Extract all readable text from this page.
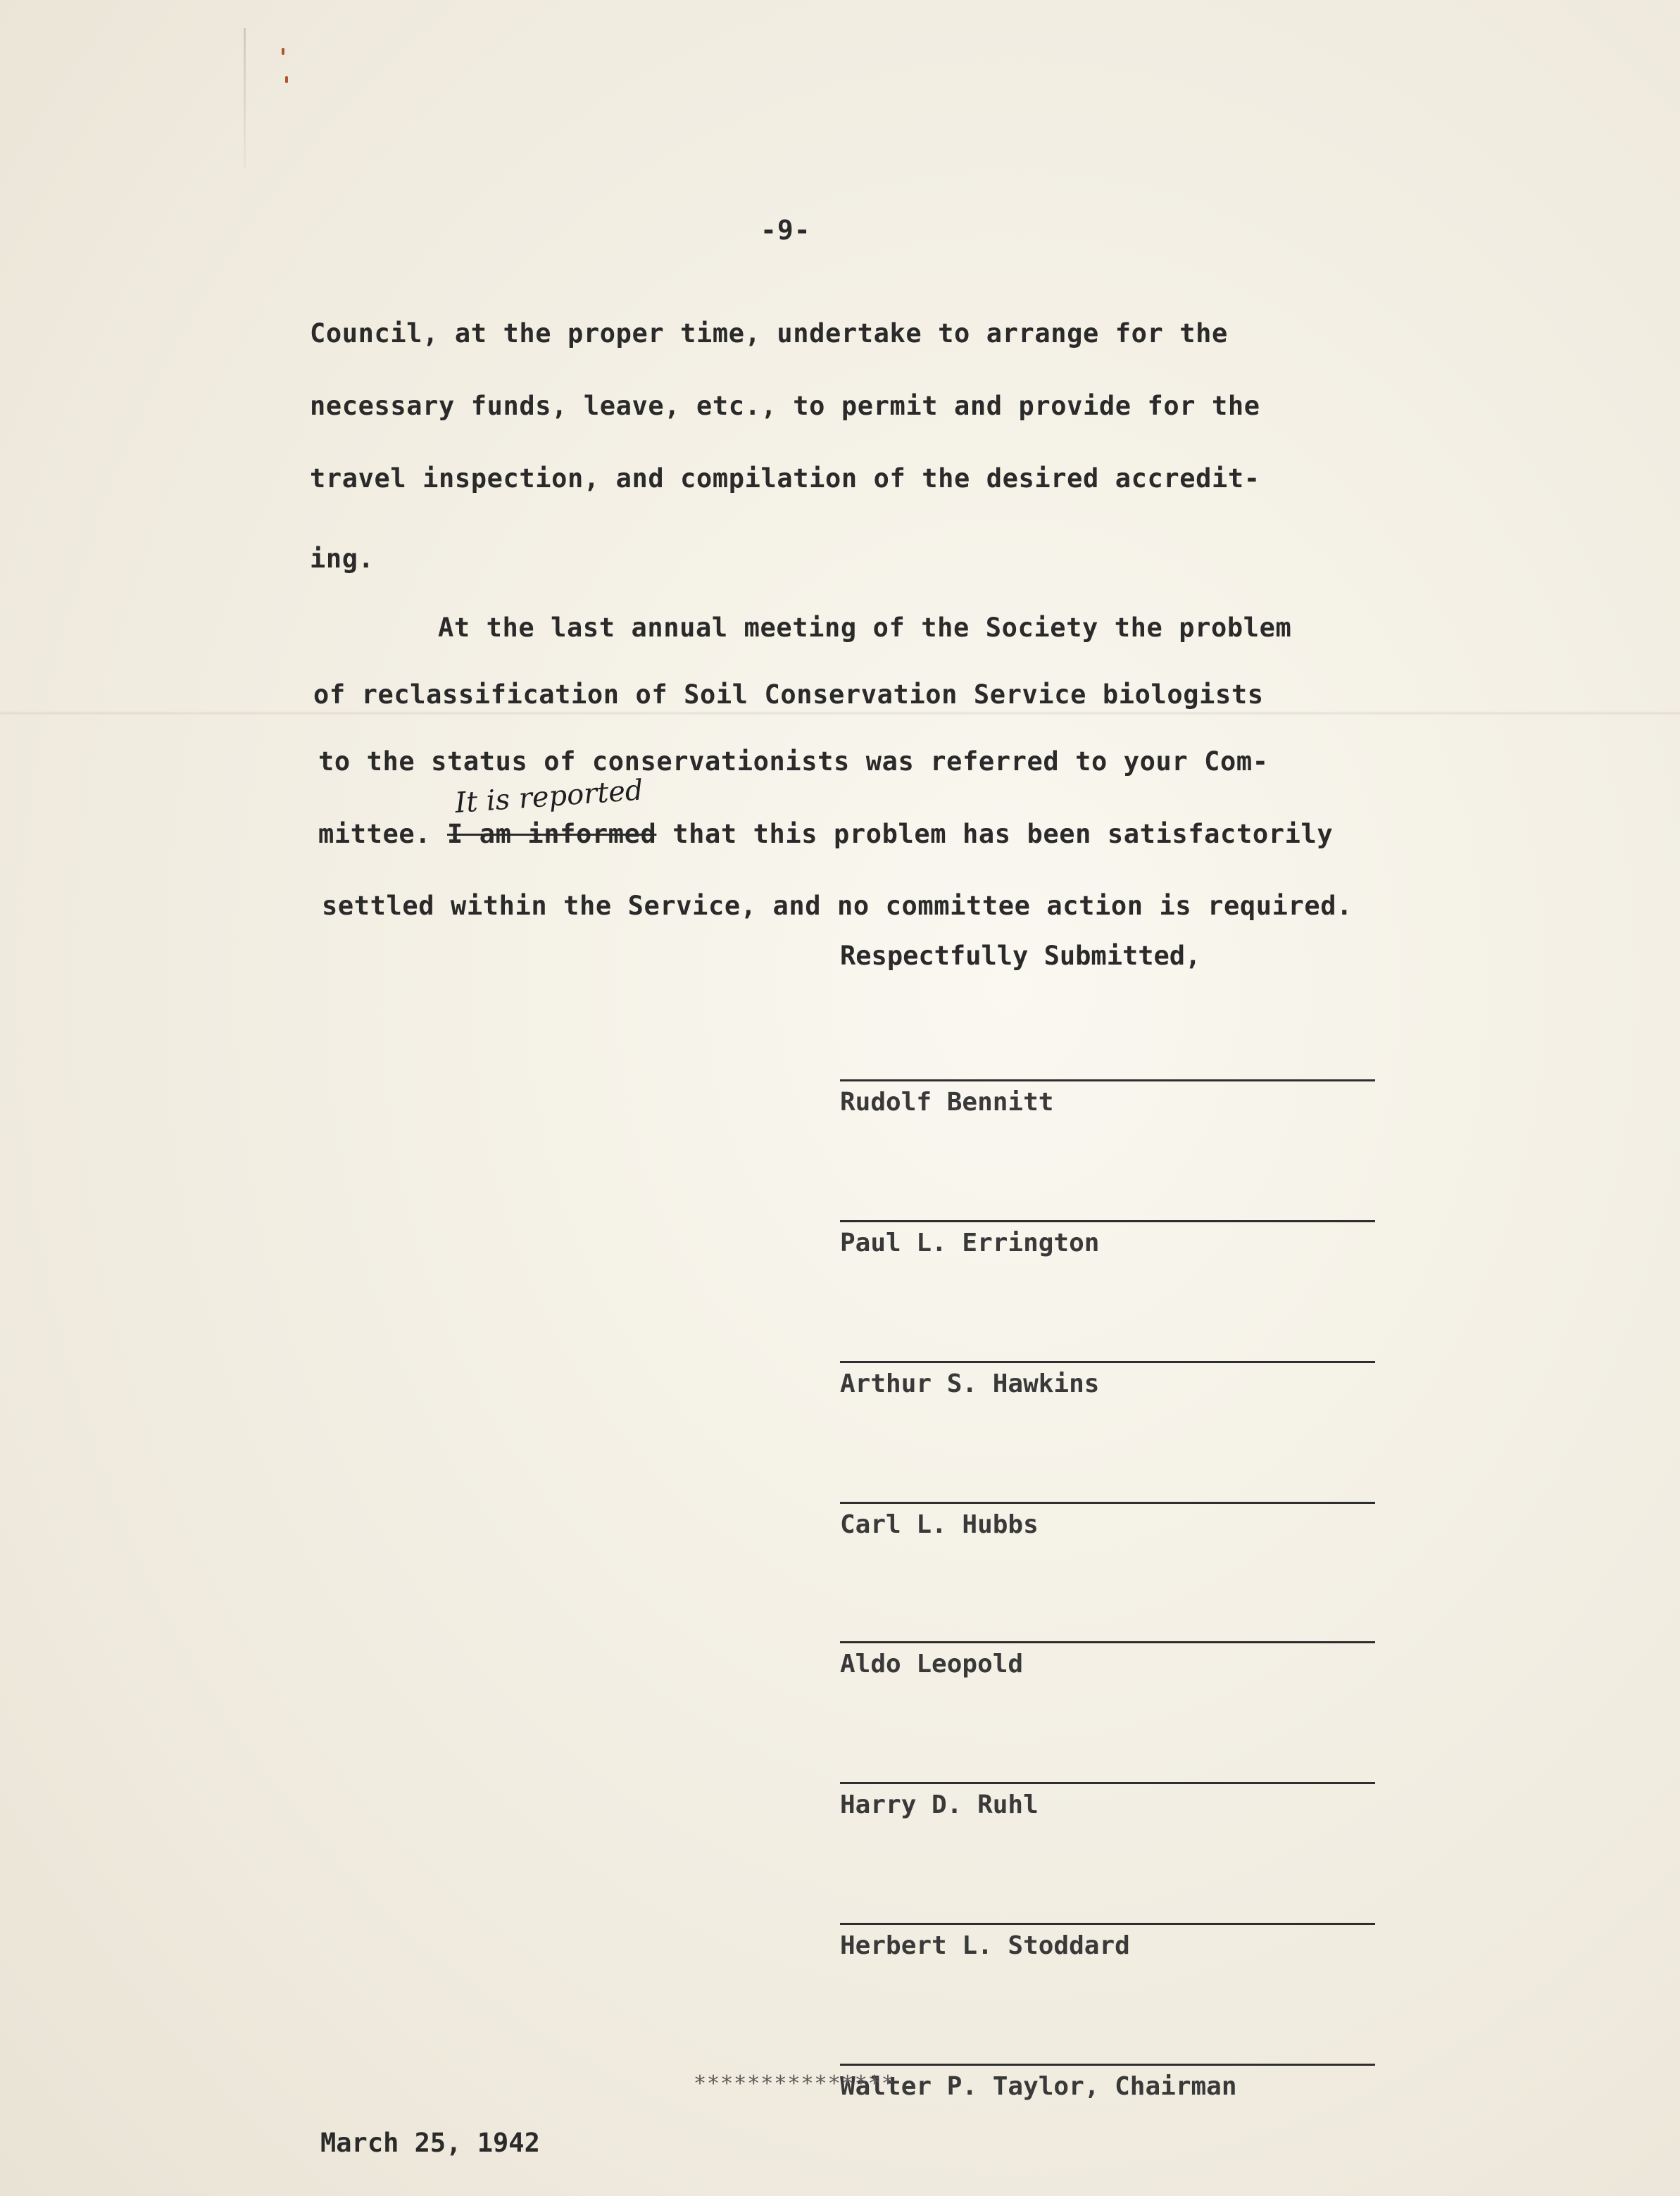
-9-
Council, at the proper time, undertake to arrange for the
necessary funds, leave, etc., to permit and provide for the
travel inspection, and compilation of the desired accredit-
ing.
At the last annual meeting of the Society the problem
of reclassification of Soil Conservation Service biologists
to the status of conservationists was referred to your Com-
mittee. I am informed that this problem has been satisfactorily
It is reported
settled within the Service, and no committee action is required.
Respectfully Submitted,
Rudolf Bennitt
Paul L. Errington
Arthur S. Hawkins
Carl L. Hubbs
Aldo Leopold
Harry D. Ruhl
Herbert L. Stoddard
Walter P. Taylor, Chairman
***************
March 25, 1942
